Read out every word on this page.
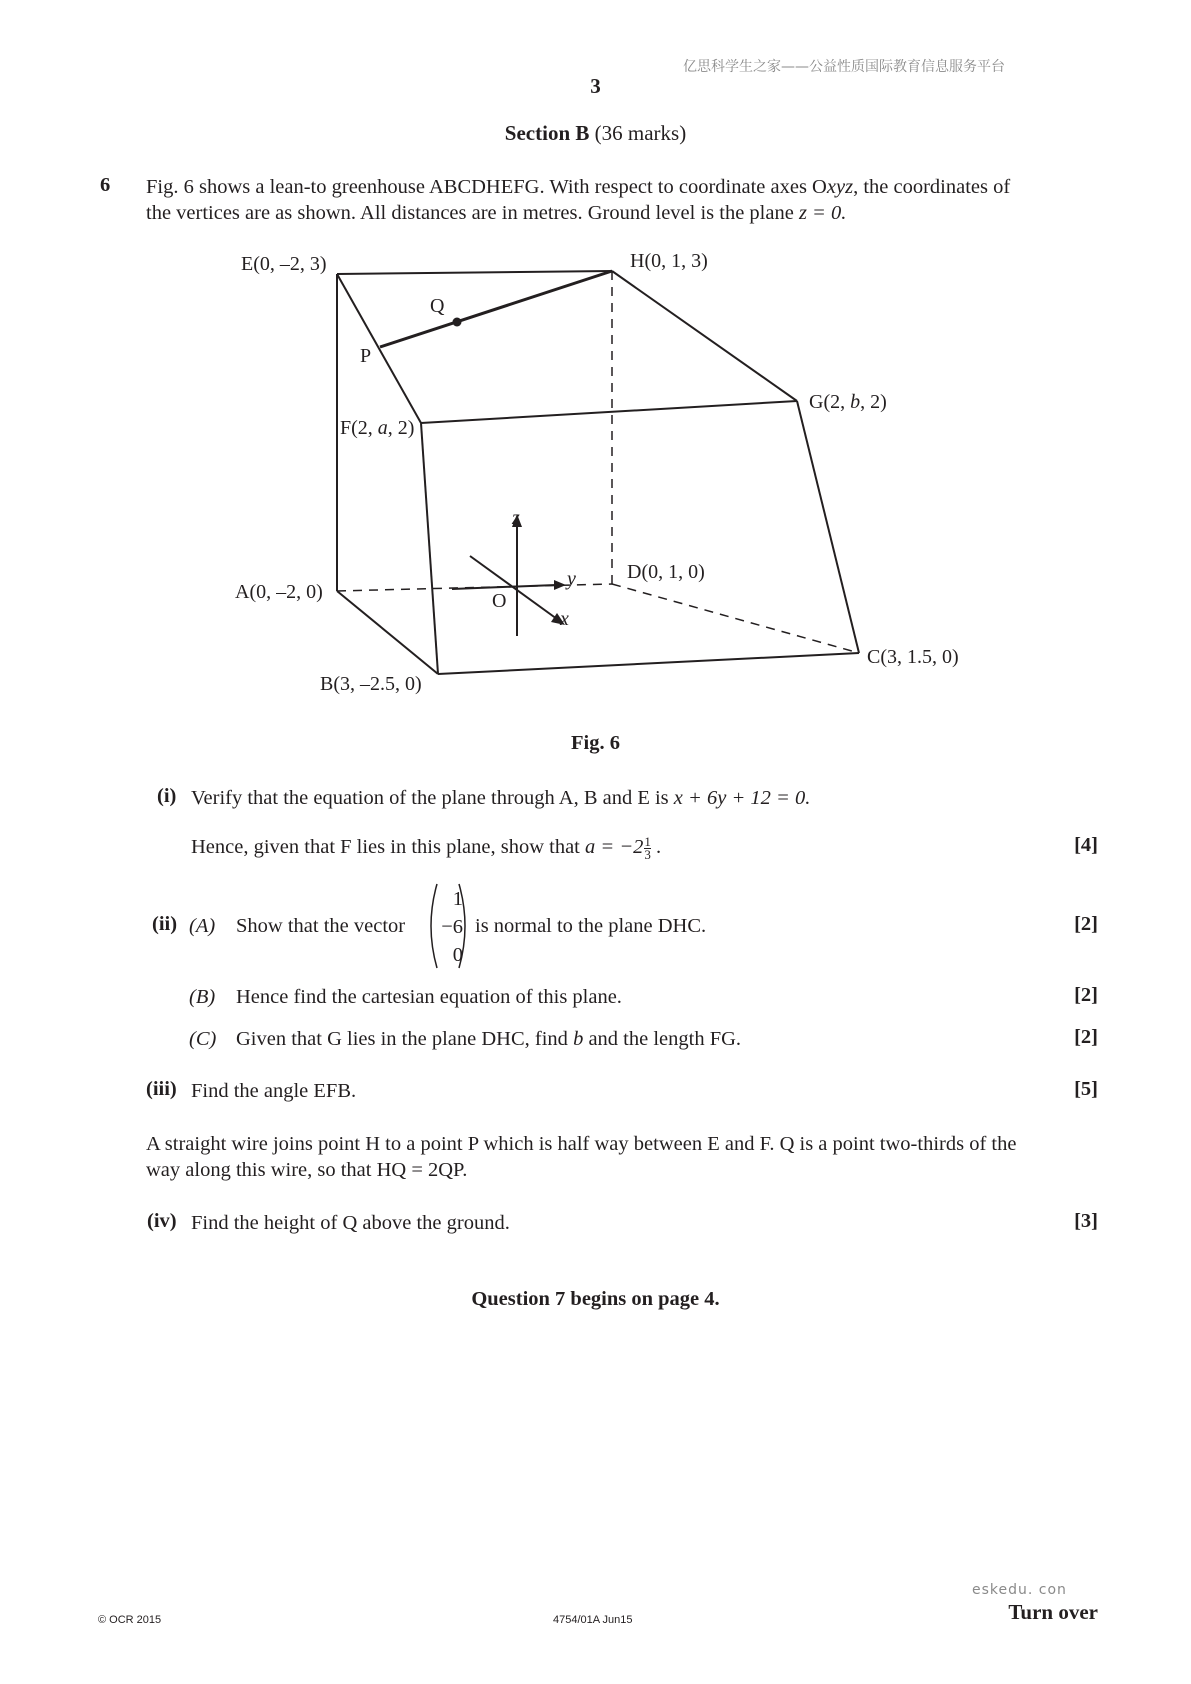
亿思科学生之家——公益性质国际教育信息服务平台
3
Section B (36 marks)
6 Fig. 6 shows a lean-to greenhouse ABCDHEFG. With respect to coordinate axes Oxyz, the coordinates of
the vertices are as shown. All distances are in metres. Ground level is the plane z = 0.
E(0, –2, 3)	H(0, 1, 3)
Q
P
G(2, b, 2)
F(2, a, 2)
z
D(0, 1, 0)
y
A(0, –2, 0)	O
x
C(3, 1.5, 0)
B(3, –2.5, 0)
Fig. 6
(i) Verify that the equation of the plane through A, B and E is x + 6y + 12 = 0.
Hence, given that F lies in this plane, show that $a = -2 \frac{1}{3}$ .	[4]
(ii) (A) Show that the vector
1
−6
0
is normal to the plane DHC.	[2]
(B) Hence find the cartesian equation of this plane.	[2]
(C) Given that G lies in the plane DHC, find b and the length FG.	[2]
(iii) Find the angle EFB.	[5]
A straight wire joins point H to a point P which is half way between E and F. Q is a point two-thirds of the
way along this wire, so that HQ = 2QP.
(iv) Find the height of Q above the ground.	[3]
Question 7 begins on page 4.
eskedu. con
© OCR 2015	4754/01A Jun15	Turn over
